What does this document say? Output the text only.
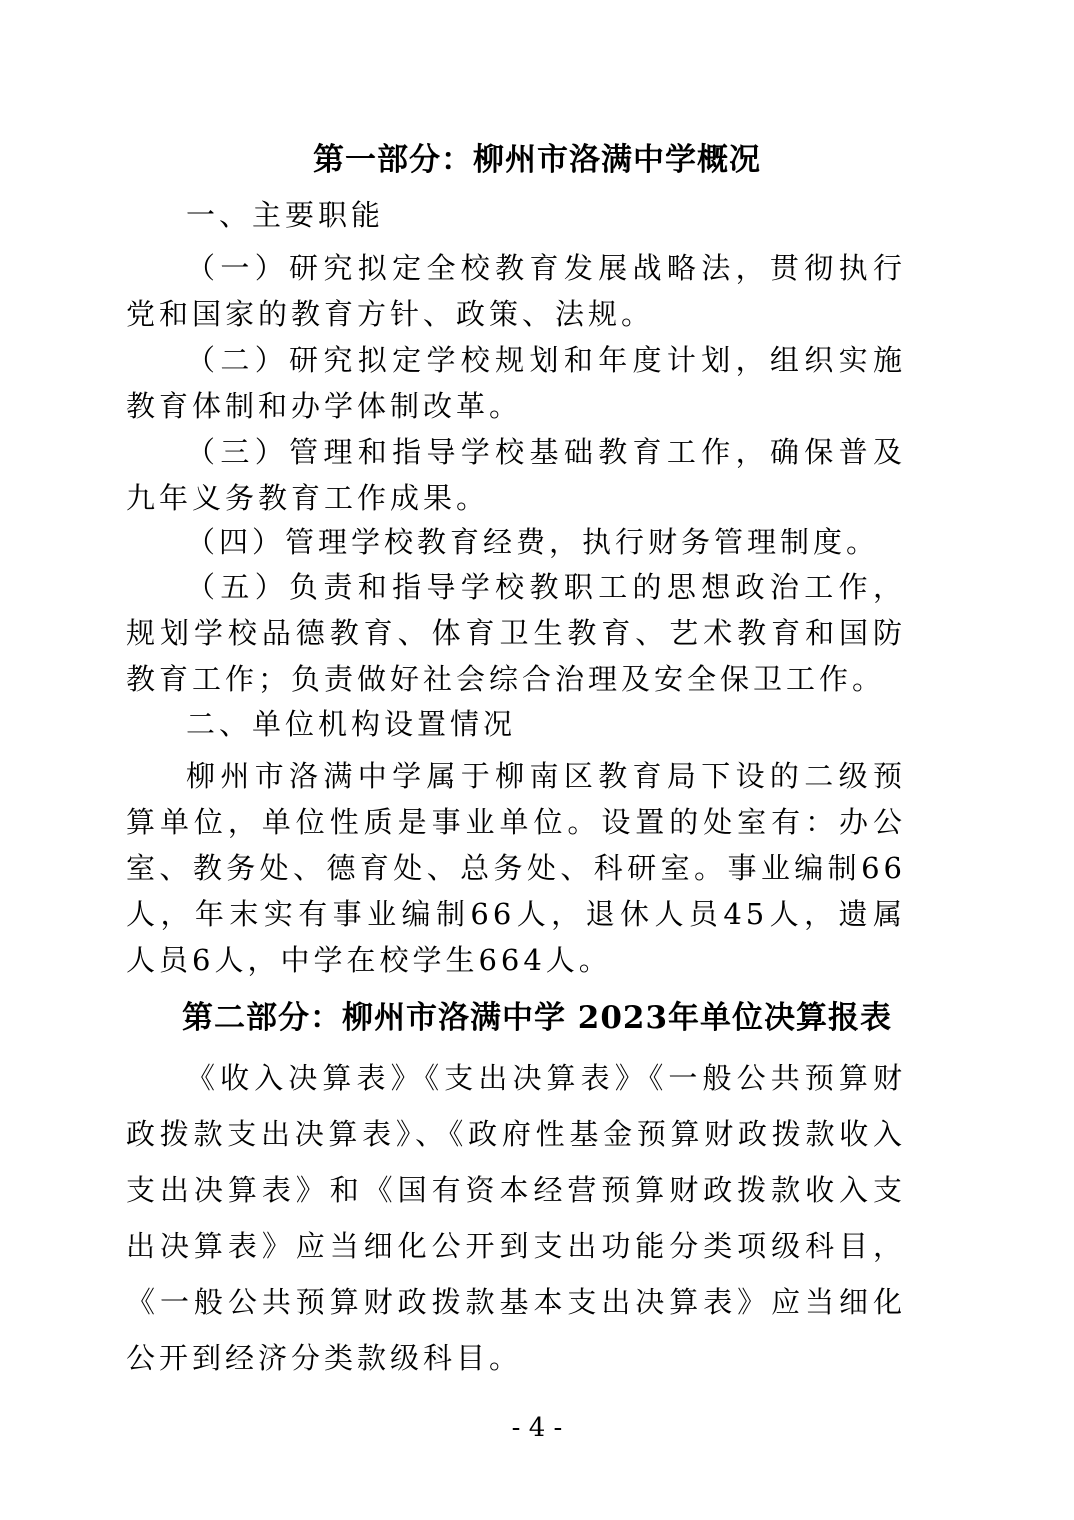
第一部分：柳州市洛满中学概况

一、主要职能

（一）研究拟定全校教育发展战略法，贯彻执行党和国家的教育方针、政策、法规。

（二）研究拟定学校规划和年度计划，组织实施教育体制和办学体制改革。

（三）管理和指导学校基础教育工作，确保普及九年义务教育工作成果。

（四）管理学校教育经费，执行财务管理制度。

（五）负责和指导学校教职工的思想政治工作，规划学校品德教育、体育卫生教育、艺术教育和国防教育工作；负责做好社会综合治理及安全保卫工作。

二、单位机构设置情况

柳州市洛满中学属于柳南区教育局下设的二级预算单位，单位性质是事业单位。设置的处室有：办公室、教务处、德育处、总务处、科研室。事业编制66人，年末实有事业编制66人，退休人员45人，遗属人员6人，中学在校学生664人。

第二部分：柳州市洛满中学 2023年单位决算报表

《收入决算表》《支出决算表》《一般公共预算财政拨款支出决算表》、《政府性基金预算财政拨款收入支出决算表》和《国有资本经营预算财政拨款收入支出决算表》应当细化公开到支出功能分类项级科目，《一般公共预算财政拨款基本支出决算表》应当细化公开到经济分类款级科目。

- 4 -
